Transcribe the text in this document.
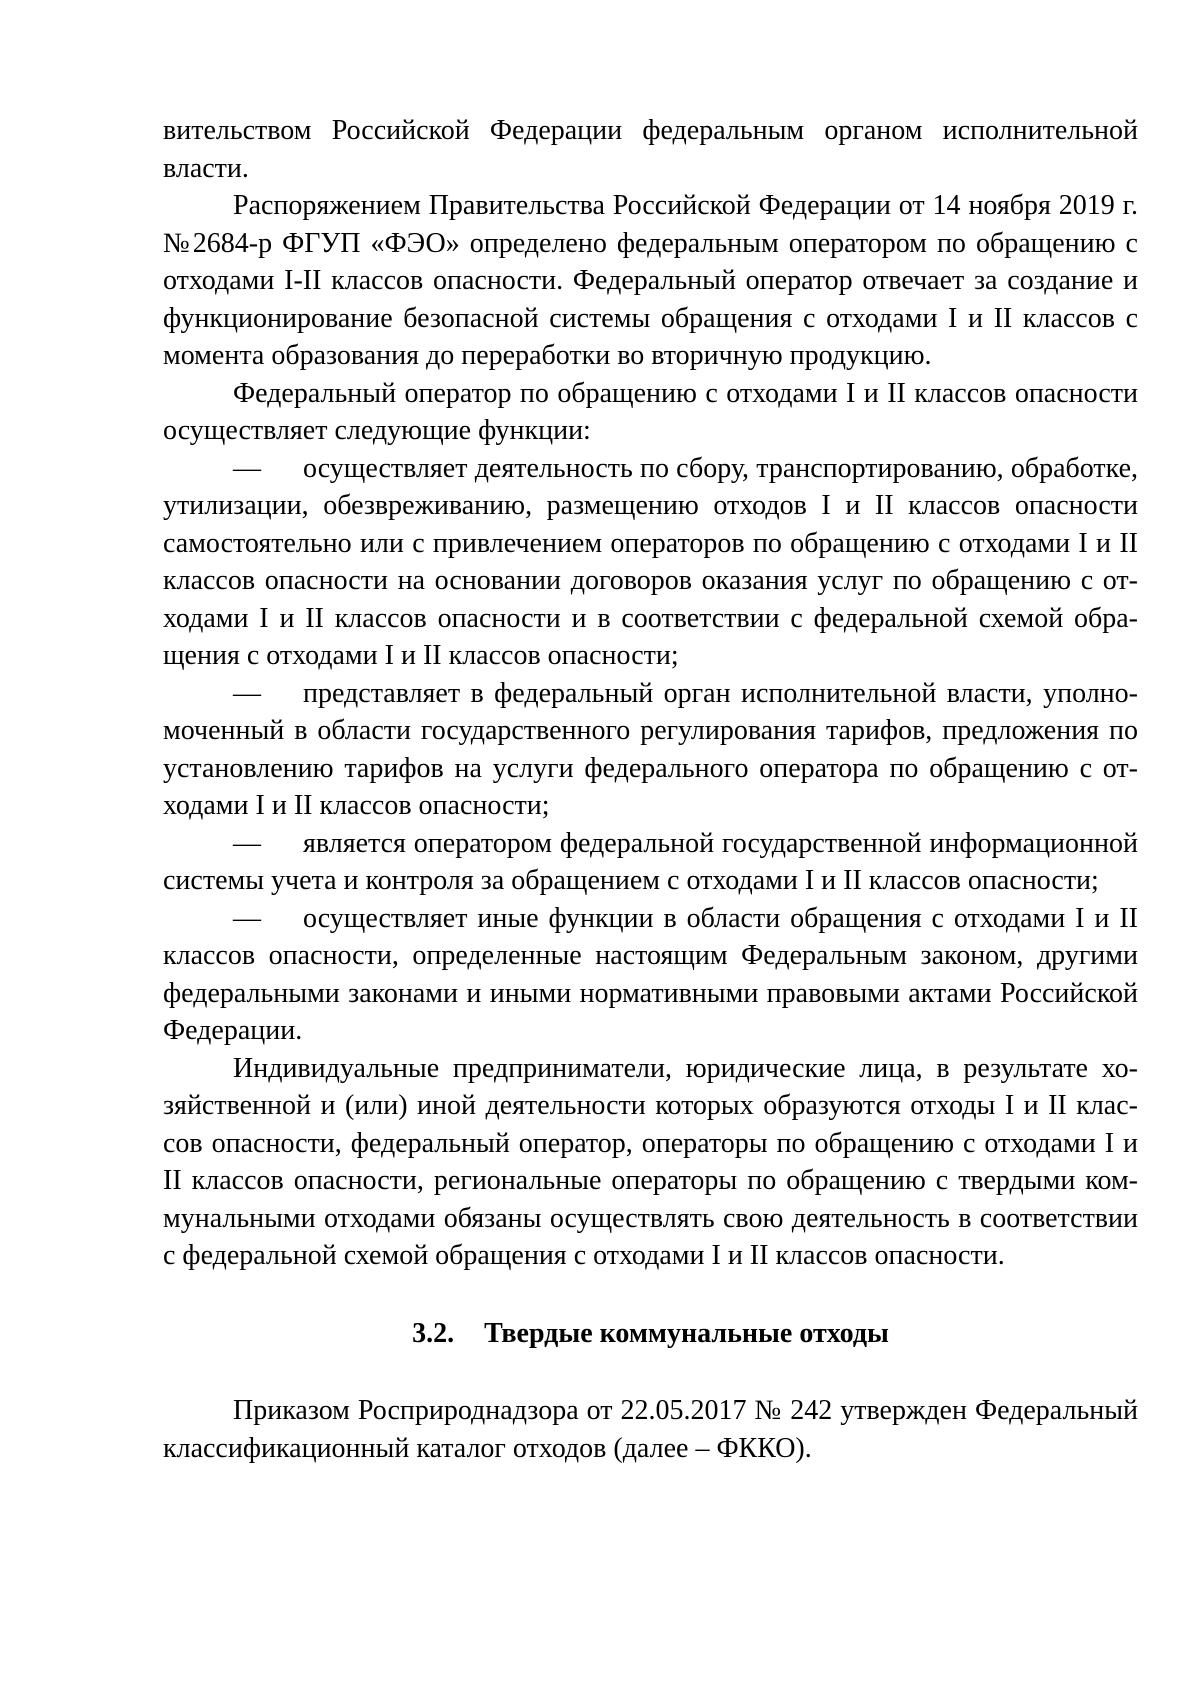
вительством Российской Федерации федеральным органом исполнительной власти.

Распоряжением Правительства Российской Федерации от 14 ноября 2019 г. №2684-р ФГУП «ФЭО» определено федеральным оператором по обращению с отходами I-II классов опасности. Федеральный оператор отвечает за создание и функционирование безопасной системы обращения с отходами I и II классов с момента образования до переработки во вторичную продукцию.

Федеральный оператор по обращению с отходами I и II классов опасности осуществляет следующие функции:

— осуществляет деятельность по сбору, транспортированию, обработке, утилизации, обезвреживанию, размещению отходов I и II классов опасности самостоятельно или с привлечением операторов по обращению с отходами I и II классов опасности на основании договоров оказания услуг по обращению с отходами I и II классов опасности и в соответствии с федеральной схемой обращения с отходами I и II классов опасности;

— представляет в федеральный орган исполнительной власти, уполномоченный в области государственного регулирования тарифов, предложения по установлению тарифов на услуги федерального оператора по обращению с отходами I и II классов опасности;

— является оператором федеральной государственной информационной системы учета и контроля за обращением с отходами I и II классов опасности;

— осуществляет иные функции в области обращения с отходами I и II классов опасности, определенные настоящим Федеральным законом, другими федеральными законами и иными нормативными правовыми актами Российской Федерации.

Индивидуальные предприниматели, юридические лица, в результате хозяйственной и (или) иной деятельности которых образуются отходы I и II классов опасности, федеральный оператор, операторы по обращению с отходами I и II классов опасности, региональные операторы по обращению с твердыми коммунальными отходами обязаны осуществлять свою деятельность в соответствии с федеральной схемой обращения с отходами I и II классов опасности.

3.2. Твердые коммунальные отходы

Приказом Росприроднадзора от 22.05.2017 № 242 утвержден Федеральный классификационный каталог отходов (далее – ФККО).
